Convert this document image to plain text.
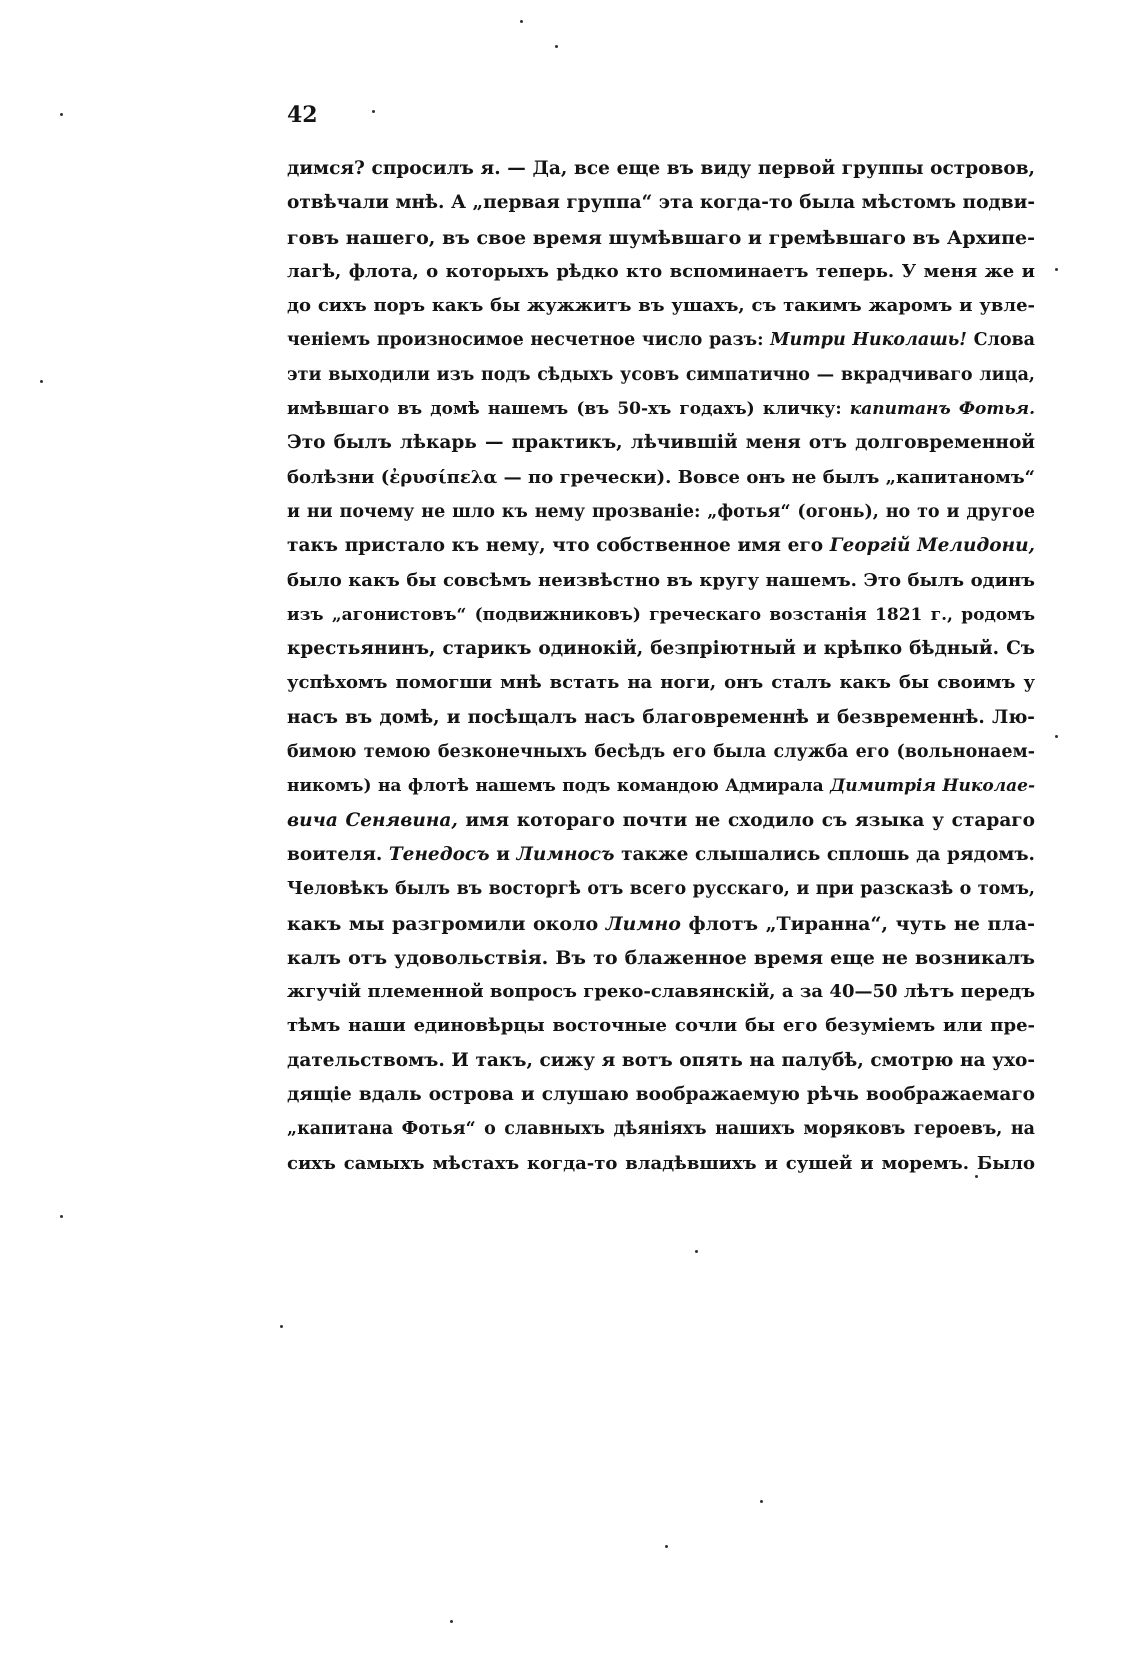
42
димся? спросилъ я. — Да, все еще въ виду первой группы островов,
отвѣчали мнѣ. А „первая группа“ эта когда-то была мѣстомъ подви-
говъ нашего, въ свое время шумѣвшаго и гремѣвшаго въ Архипе-
лагѣ, флота, о которыхъ рѣдко кто вспоминаетъ теперь. У меня же и
до сихъ поръ какъ бы жужжитъ въ ушахъ, съ такимъ жаромъ и увле-
ченіемъ произносимое несчетное число разъ: Митри Николашь! Слова
эти выходили изъ подъ сѣдыхъ усовъ симпатично — вкрадчиваго лица,
имѣвшаго въ домѣ нашемъ (въ 50-хъ годахъ) кличку: капитанъ Фотья.
Это былъ лѣкарь — практикъ, лѣчившій меня отъ долговременной
болѣзни (ἐρυσίπελα — по гречески). Вовсе онъ не былъ „капитаномъ“
и ни почему не шло къ нему прозваніе: „фотья“ (огонь), но то и другое
такъ пристало къ нему, что собственное имя его Георгій Мелидони,
было какъ бы совсѣмъ неизвѣстно въ кругу нашемъ. Это былъ одинъ
изъ „агонистовъ“ (подвижниковъ) греческаго возстанія 1821 г., родомъ
крестьянинъ, старикъ одинокій, безпріютный и крѣпко бѣдный. Съ
успѣхомъ помогши мнѣ встать на ноги, онъ сталъ какъ бы своимъ у
насъ въ домѣ, и посѣщалъ насъ благовременнѣ и безвременнѣ. Лю-
бимою темою безконечныхъ бесѣдъ его была служба его (вольнонаем-
никомъ) на флотѣ нашемъ подъ командою Адмирала Димитрія Николае-
вича Сенявина, имя котораго почти не сходило съ языка у стараго
воителя. Тенедосъ и Лимносъ также слышались сплошь да рядомъ.
Человѣкъ былъ въ восторгѣ отъ всего русскаго, и при разсказѣ о томъ,
какъ мы разгромили около Лимно флотъ „Тиранна“, чуть не пла-
калъ отъ удовольствія. Въ то блаженное время еще не возникалъ
жгучій племенной вопросъ греко-славянскій, а за 40—50 лѣтъ передъ
тѣмъ наши единовѣрцы восточные сочли бы его безуміемъ или пре-
дательствомъ. И такъ, сижу я вотъ опять на палубѣ, смотрю на ухо-
дящіе вдаль острова и слушаю воображаемую рѣчь воображаемаго
„капитана Фотья“ о славныхъ дѣяніяхъ нашихъ моряковъ героевъ, на
сихъ самыхъ мѣстахъ когда-то владѣвшихъ и сушей и моремъ. Было
